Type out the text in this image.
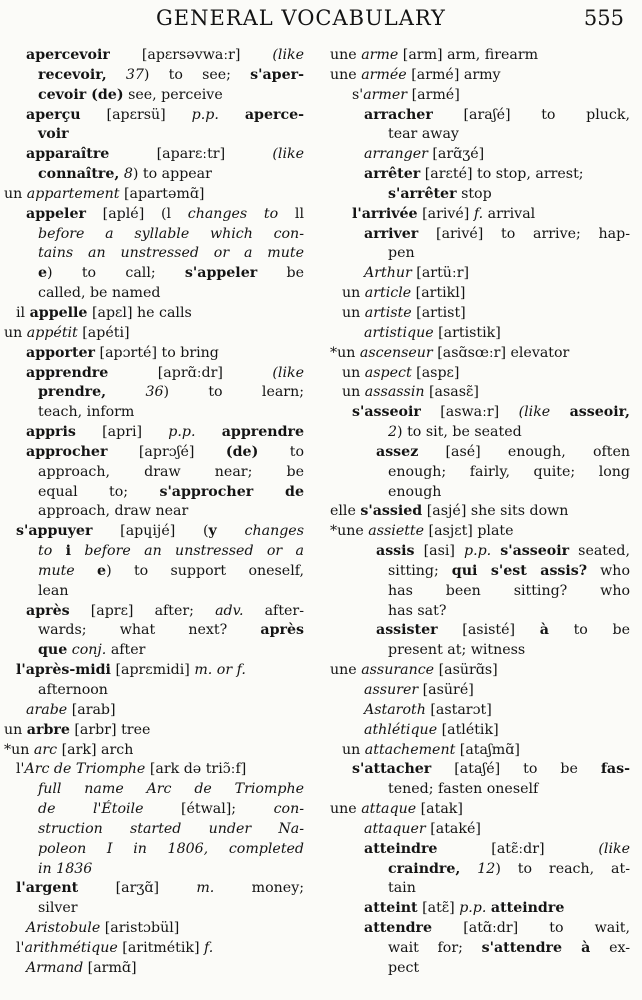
GENERAL VOCABULARY	555
apercevoir [apɛrsəvwaːr] (like
recevoir, 37) to see; s'aper-
cevoir (de) see, perceive
aperçu [apɛrsü] p.p. aperce-
voir
apparaître [aparɛːtr] (like
connaître, 8) to appear
un appartement [apartəmɑ̃]
appeler [aplé] (l changes to ll
before a syllable which con-
tains an unstressed or a mute
e) to call; s'appeler be
called, be named
il appelle [apɛl] he calls
un appétit [apéti]
apporter [apɔrté] to bring
apprendre [aprɑ̃ːdr] (like
prendre,	36) to learn;
teach, inform
appris [apri] p.p. apprendre
approcher [aprɔʃé] (de) to
approach, draw near; be
equal to; s'approcher de
approach, draw near
s'appuyer [apɥijé] (y changes
to i before an unstressed or a
mute e) to support oneself,
lean
après [aprɛ] after; adv. after-
wards; what next? après
que conj. after
l'après-midi [aprɛmidi] m. or f.
afternoon
arabe [arab]
un arbre [arbr] tree
*un arc [ark] arch
l'Arc de Triomphe [ark də triɔ̃ːf]
full name Arc de Triomphe
de l'Étoile [étwal]; con-
struction started under Na-
poleon I in 1806, completed
in 1836
l'argent [arʒɑ̃] m. money;
silver
Aristobule [aristɔbül]
l'arithmétique [aritmétik] f.
Armand [armɑ̃]
une arme [arm] arm, firearm
une armée [armé] army
s'armer [armé]
arracher [araʃé] to pluck,
tear away
arranger [arɑ̃ʒé]
arrêter [arɛté] to stop, arrest;
s'arrêter stop
l'arrivée [arivé] f. arrival
arriver [arivé] to arrive; hap-
pen
Arthur [artüːr]
un article [artikl]
un artiste [artist]
artistique [artistik]
*un ascenseur [asɑ̃sœːr] elevator
un aspect [aspɛ]
un assassin [asasɛ̃]
s'asseoir [aswaːr] (like asseoir,
2) to sit, be seated
assez [asé] enough, often
enough; fairly, quite; long
enough
elle s'assied [asjé] she sits down
*une assiette [asjɛt] plate
assis [asi] p.p. s'asseoir seated,
sitting; qui s'est assis? who
has been sitting? who
has sat?
assister [asisté] à to be
present at; witness
une assurance [asürɑ̃s]
assurer [asüré]
Astaroth [astarɔt]
athlétique [atlétik]
un attachement [ataʃmɑ̃]
s'attacher [ataʃé] to be fas-
tened; fasten oneself
une attaque [atak]
attaquer [ataké]
atteindre [atɛ̃ːdr] (like
craindre, 12) to reach, at-
tain
atteint [atɛ̃] p.p. atteindre
attendre [atɑ̃ːdr] to wait,
wait for; s'attendre à ex-
pect
